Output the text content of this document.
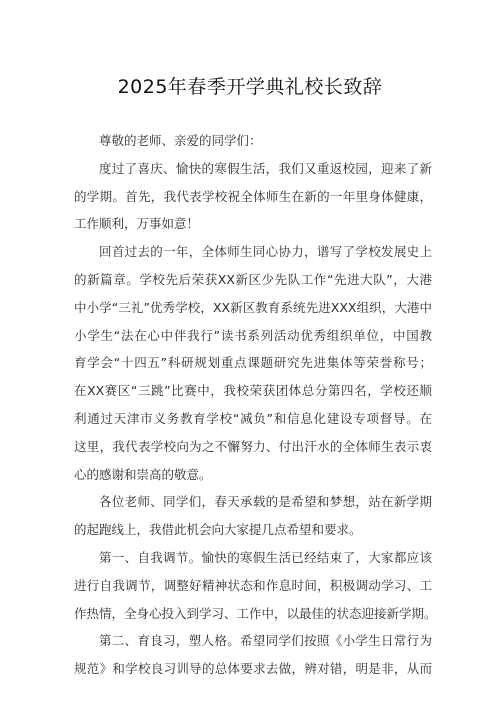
2025年春季开学典礼校长致辞
尊敬的老师、亲爱的同学们：
度过了喜庆、愉快的寒假生活，我们又重返校园，迎来了新
的学期。首先，我代表学校祝全体师生在新的一年里身体健康，
工作顺利，万事如意！
回首过去的一年，全体师生同心协力，谱写了学校发展史上
的新篇章。学校先后荣获XX新区少先队工作“先进大队”，大港
中小学“三礼”优秀学校，XX新区教育系统先进XXX组织，大港中
小学生“法在心中伴我行”读书系列活动优秀组织单位，中国教
育学会“十四五”科研规划重点课题研究先进集体等荣誉称号；
在XX赛区“三跳”比赛中，我校荣获团体总分第四名，学校还顺
利通过天津市义务教育学校“减负”和信息化建设专项督导。在
这里，我代表学校向为之不懈努力、付出汗水的全体师生表示衷
心的感谢和崇高的敬意。
各位老师、同学们，春天承载的是希望和梦想，站在新学期
的起跑线上，我借此机会向大家提几点希望和要求。
第一、自我调节。愉快的寒假生活已经结束了，大家都应该
进行自我调节，调整好精神状态和作息时间，积极调动学习、工
作热情，全身心投入到学习、工作中，以最佳的状态迎接新学期。
第二、育良习，塑人格。希望同学们按照《小学生日常行为
规范》和学校良习训导的总体要求去做，辨对错，明是非，从而
